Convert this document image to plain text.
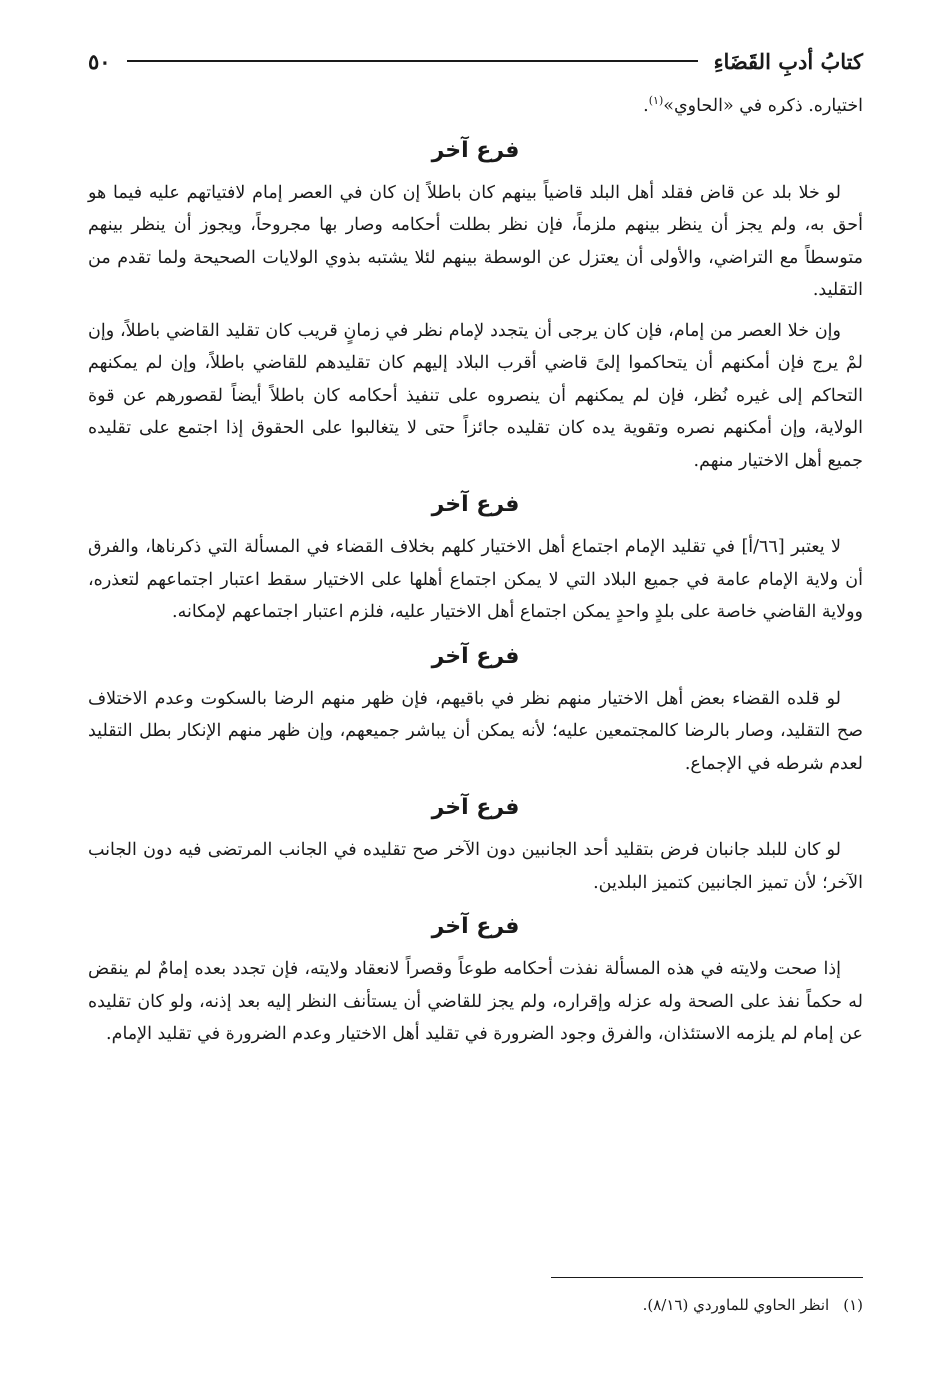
كتابُ أدبِ القَضَاءِ
٥٠

اختياره. ذكره في «الحاوي»$^{(١)}$.

فرع آخر

لو خلا بلد عن قاض فقلد أهل البلد قاضياً بينهم كان باطلاً إن كان في العصر إمام لافتياتهم عليه فيما هو أحق به، ولم يجز أن ينظر بينهم ملزماً، فإن نظر بطلت أحكامه وصار بها مجروحاً، ويجوز أن ينظر بينهم متوسطاً مع التراضي، والأولى أن يعتزل عن الوسطة بينهم لئلا يشتبه بذوي الولايات الصحيحة ولما تقدم من التقليد.

وإن خلا العصر من إمام، فإن كان يرجى أن يتجدد لإمام نظر في زمانٍ قريب كان تقليد القاضي باطلاً، وإن لمْ يرج فإن أمكنهم أن يتحاكموا إلىً قاضي أقرب البلاد إليهم كان تقليدهم للقاضي باطلاً، وإن لم يمكنهم التحاكم إلى غيره نُظر، فإن لم يمكنهم أن ينصروه على تنفيذ أحكامه كان باطلاً أيضاً لقصورهم عن قوة الولاية، وإن أمكنهم نصره وتقوية يده كان تقليده جائزاً حتى لا يتغالبوا على الحقوق إذا اجتمع على تقليده جميع أهل الاختيار منهم.

فرع آخر

لا يعتبر [٦٦/أ] في تقليد الإمام اجتماع أهل الاختيار كلهم بخلاف القضاء في المسألة التي ذكرناها، والفرق أن ولاية الإمام عامة في جميع البلاد التي لا يمكن اجتماع أهلها على الاختيار سقط اعتبار اجتماعهم لتعذره، وولاية القاضي خاصة على بلدٍ واحدٍ يمكن اجتماع أهل الاختيار عليه، فلزم اعتبار اجتماعهم لإمكانه.

فرع آخر

لو قلده القضاء بعض أهل الاختيار منهم نظر في باقيهم، فإن ظهر منهم الرضا بالسكوت وعدم الاختلاف صح التقليد، وصار بالرضا كالمجتمعين عليه؛ لأنه يمكن أن يباشر جميعهم، وإن ظهر منهم الإنكار بطل التقليد لعدم شرطه في الإجماع.

فرع آخر

لو كان للبلد جانبان فرض بتقليد أحد الجانبين دون الآخر صح تقليده في الجانب المرتضى فيه دون الجانب الآخر؛ لأن تميز الجانبين كتميز البلدين.

فرع آخر

إذا صحت ولايته في هذه المسألة نفذت أحكامه طوعاً وقصراً لانعقاد ولايته، فإن تجدد بعده إمامٌ لم ينقض له حكماً نفذ على الصحة وله عزله وإقراره، ولم يجز للقاضي أن يستأنف النظر إليه بعد إذنه، ولو كان تقليده عن إمام لم يلزمه الاستئذان، والفرق وجود الضرورة في تقليد أهل الاختيار وعدم الضرورة في تقليد الإمام.

(١)انظر الحاوي للماوردي (٨/١٦).
